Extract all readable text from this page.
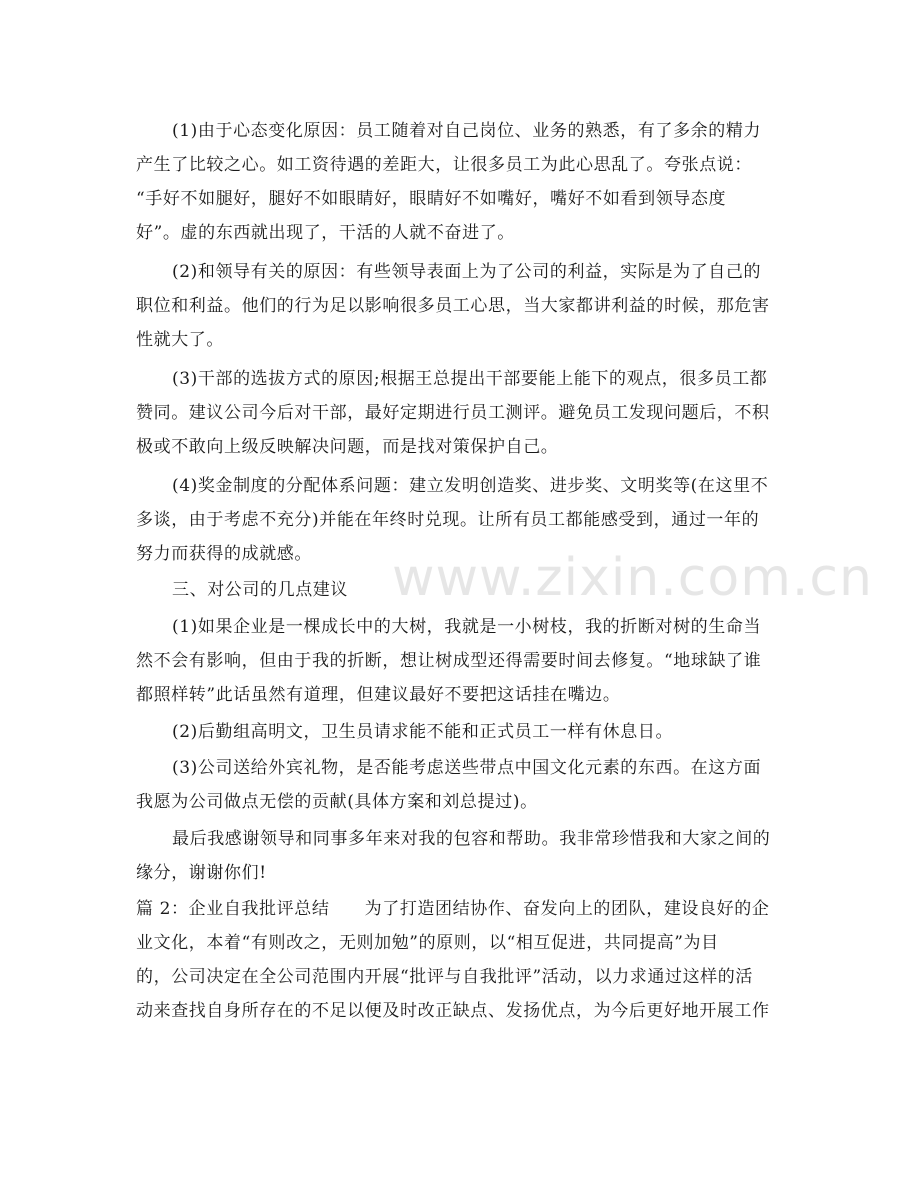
www.zixin.com.cn
(1)由于心态变化原因：员工随着对自己岗位、业务的熟悉，有了多余的精力
产生了比较之心。如工资待遇的差距大，让很多员工为此心思乱了。夸张点说：
“手好不如腿好，腿好不如眼睛好，眼睛好不如嘴好，嘴好不如看到领导态度
好”。虚的东西就出现了，干活的人就不奋进了。
(2)和领导有关的原因：有些领导表面上为了公司的利益，实际是为了自己的
职位和利益。他们的行为足以影响很多员工心思，当大家都讲利益的时候，那危害
性就大了。
(3)干部的选拔方式的原因;根据王总提出干部要能上能下的观点，很多员工都
赞同。建议公司今后对干部，最好定期进行员工测评。避免员工发现问题后，不积
极或不敢向上级反映解决问题，而是找对策保护自己。
(4)奖金制度的分配体系问题：建立发明创造奖、进步奖、文明奖等(在这里不
多谈，由于考虑不充分)并能在年终时兑现。让所有员工都能感受到，通过一年的
努力而获得的成就感。
三、对公司的几点建议
(1)如果企业是一棵成长中的大树，我就是一小树枝，我的折断对树的生命当
然不会有影响，但由于我的折断，想让树成型还得需要时间去修复。“地球缺了谁
都照样转”此话虽然有道理，但建议最好不要把这话挂在嘴边。
(2)后勤组高明文，卫生员请求能不能和正式员工一样有休息日。
(3)公司送给外宾礼物，是否能考虑送些带点中国文化元素的东西。在这方面
我愿为公司做点无偿的贡献(具体方案和刘总提过)。
最后我感谢领导和同事多年来对我的包容和帮助。我非常珍惜我和大家之间的
缘分，谢谢你们!
篇 2：企业自我批评总结　　为了打造团结协作、奋发向上的团队，建设良好的企
业文化，本着“有则改之，无则加勉”的原则，以“相互促进，共同提高”为目
的，公司决定在全公司范围内开展“批评与自我批评”活动，以力求通过这样的活
动来查找自身所存在的不足以便及时改正缺点、发扬优点，为今后更好地开展工作
